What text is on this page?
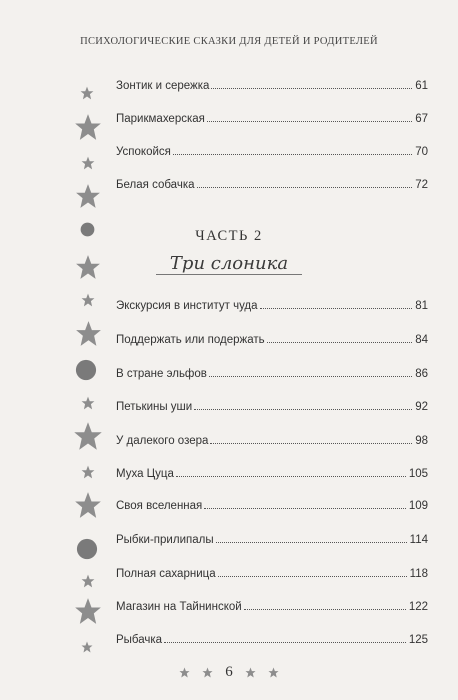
ПСИХОЛОГИЧЕСКИЕ СКАЗКИ ДЛЯ ДЕТЕЙ И РОДИТЕЛЕЙ
Зонтик и сережка	61
Парикмахерская	67
Успокойся	70
Белая собачка	72
ЧАСТЬ 2
Три слоника
Экскурсия в институт чуда	81
Поддержать или подержать	84
В стране эльфов	86
Петькины уши	92
У далекого озера	98
Муха Цуца	105
Своя вселенная	109
Рыбки-прилипалы	114
Полная сахарница	118
Магазин на Тайнинской	122
Рыбачка	125
6
